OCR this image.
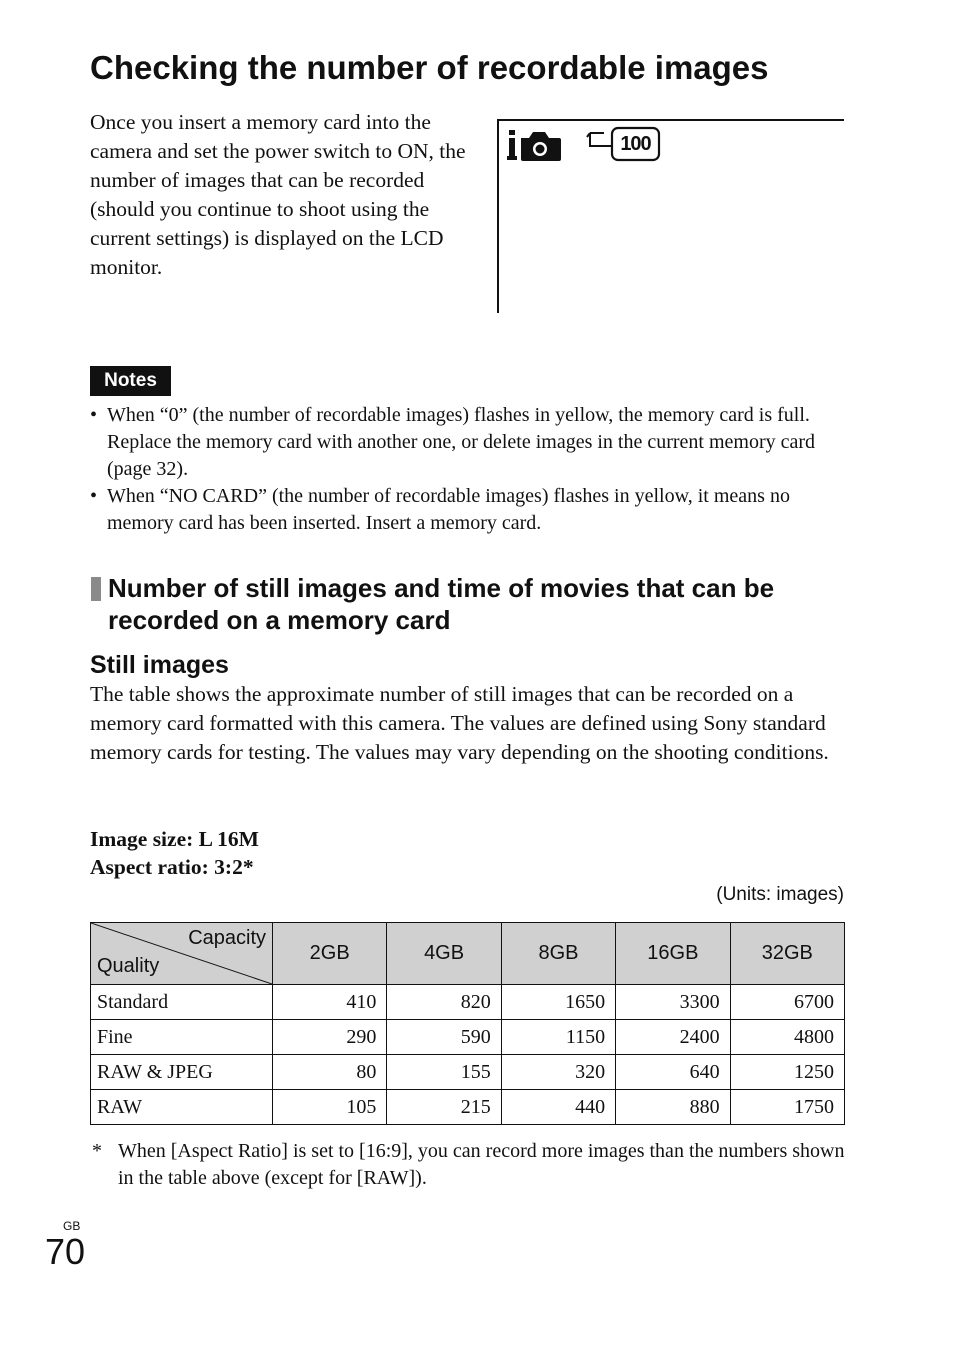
Checking the number of recordable images

Once you insert a memory card into the camera and set the power switch to ON, the number of images that can be recorded (should you continue to shoot using the current settings) is displayed on the LCD monitor.

100
Notes
• When “0” (the number of recordable images) flashes in yellow, the memory card is full. Replace the memory card with another one, or delete images in the current memory card (page 32).
• When “NO CARD” (the number of recordable images) flashes in yellow, it means no memory card has been inserted. Insert a memory card.
Number of still images and time of movies that can be recorded on a memory card
Still images

The table shows the approximate number of still images that can be recorded on a memory card formatted with this camera. The values are defined using Sony standard memory cards for testing. The values may vary depending on the shooting conditions.

Image size: L 16M
Aspect ratio: 3:2*
(Units: images)
Capacity
Quality	2GB	4GB	8GB	16GB	32GB
Standard	410	820	1650	3300	6700
Fine	290	590	1150	2400	4800
RAW & JPEG	80	155	320	640	1250
RAW	105	215	440	880	1750
* When [Aspect Ratio] is set to [16:9], you can record more images than the numbers shown in the table above (except for [RAW]).
GB
70
